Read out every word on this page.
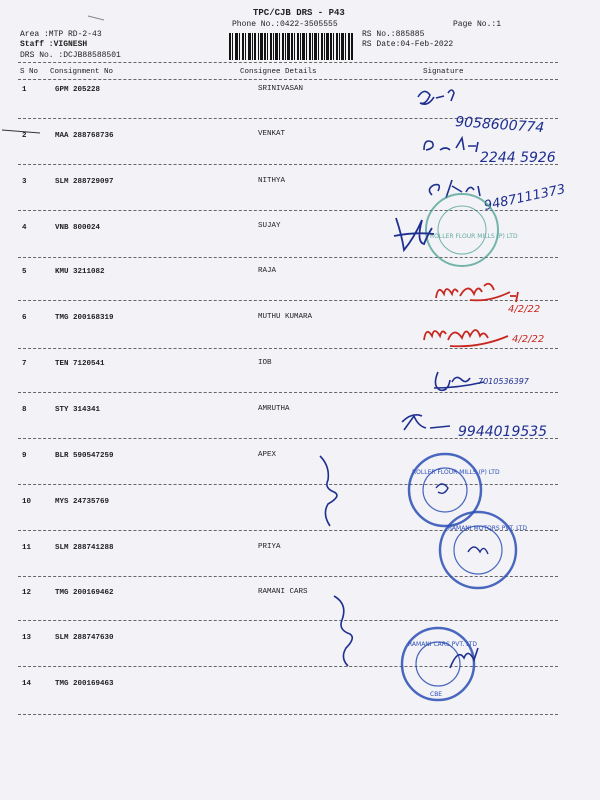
TPC/CJB DRS - P43
Phone No.:0422-3505555	Page No.:1
Area :MTP RD-2-43
Staff :VIGNESH
DRS No. :DCJB88588501
RS No.:885885
RS Date:04-Feb-2022
S No Consignment No	Consignee Details	Signature
1	GPM 205228	SRINIVASAN
2	MAA 288768736	VENKAT
3	SLM 288729097	NITHYA
4	VNB 800024	SUJAY
5	KMU 3211082	RAJA
6	TMG 200168319	MUTHU KUMARA
7	TEN 7120541	IOB
8	STY 314341	AMRUTHA
9	BLR 590547259	APEX
10	MYS 24735769
11	SLM 288741288	PRIYA
12	TMG 200169462	RAMANI CARS
13	SLM 288747630
14	TMG 200169463
9058600774
2244 5926
9487111373
ROLLER FLOUR MILLS (P) LTD
4/2/22
4/2/22
7010536397
9944019535
ROLLER FLOUR MILLS (P) LTD
RAMANI MOTORS PVT. LTD
RAMANI CARS PVT. LTD
CBE
